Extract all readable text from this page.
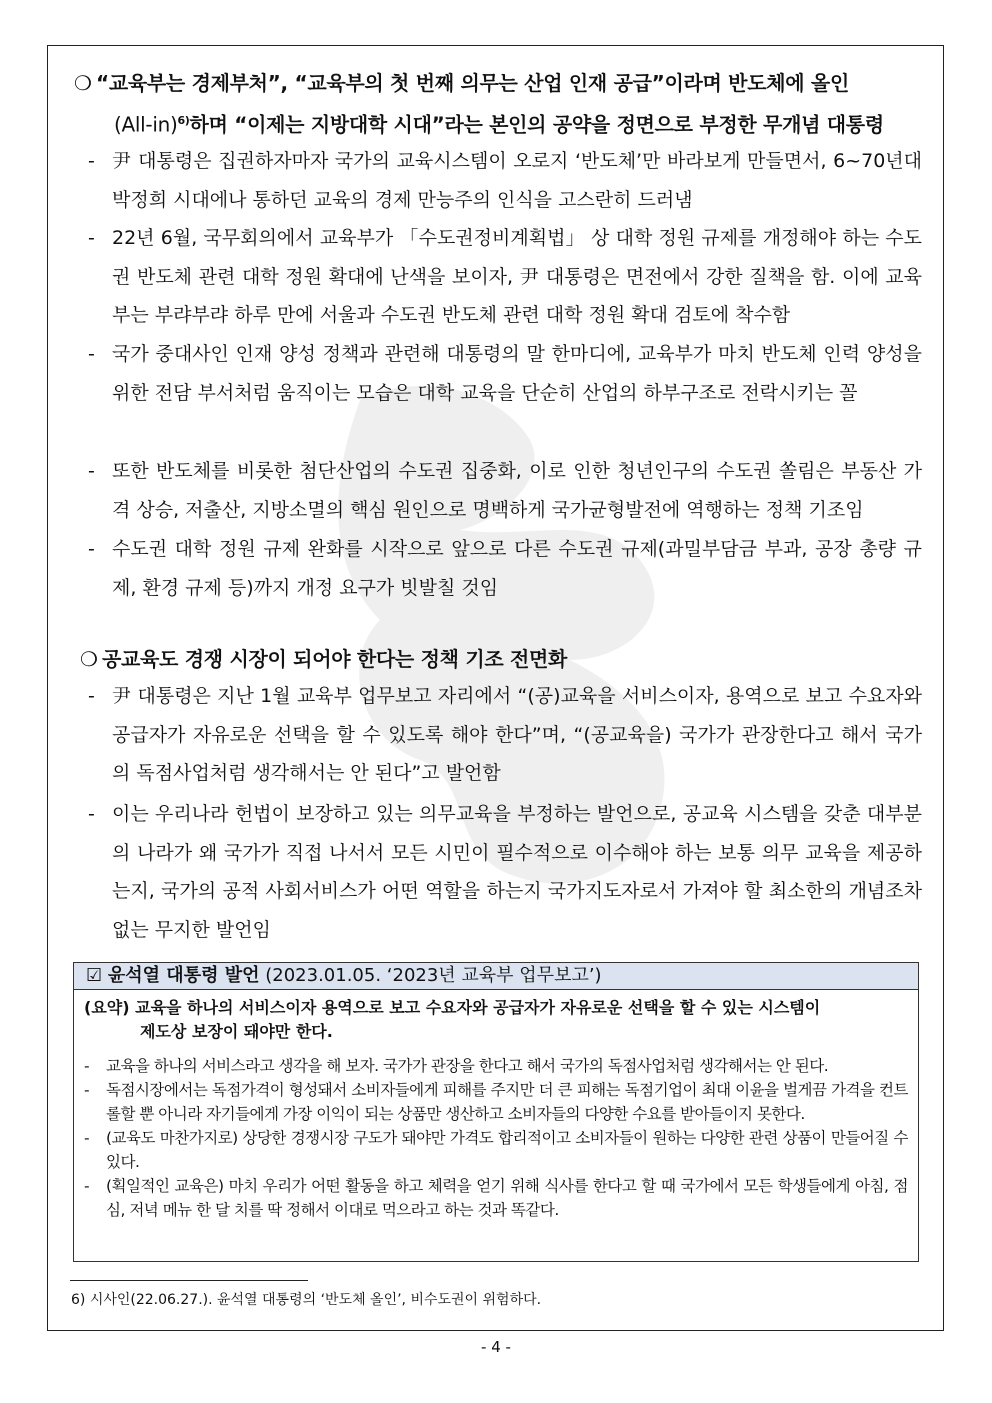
❍ “교육부는 경제부처”, “교육부의 첫 번째 의무는 산업 인재 공급”이라며 반도체에 올인
$(All-in)^{6)}$하며 “이제는 지방대학 시대”라는 본인의 공약을 정면으로 부정한 무개념 대통령
- 尹 대통령은 집권하자마자 국가의 교육시스템이 오로지 ‘반도체’만 바라보게 만들면서, 6~70년대 박정희 시대에나 통하던 교육의 경제 만능주의 인식을 고스란히 드러냄
- 22년 6월, 국무회의에서 교육부가 「수도권정비계획법」 상 대학 정원 규제를 개정해야 하는 수도권 반도체 관련 대학 정원 확대에 난색을 보이자, 尹 대통령은 면전에서 강한 질책을 함. 이에 교육부는 부랴부랴 하루 만에 서울과 수도권 반도체 관련 대학 정원 확대 검토에 착수함
- 국가 중대사인 인재 양성 정책과 관련해 대통령의 말 한마디에, 교육부가 마치 반도체 인력 양성을 위한 전담 부서처럼 움직이는 모습은 대학 교육을 단순히 산업의 하부구조로 전락시키는 꼴
- 또한 반도체를 비롯한 첨단산업의 수도권 집중화, 이로 인한 청년인구의 수도권 쏠림은 부동산 가격 상승, 저출산, 지방소멸의 핵심 원인으로 명백하게 국가균형발전에 역행하는 정책 기조임
- 수도권 대학 정원 규제 완화를 시작으로 앞으로 다른 수도권 규제(과밀부담금 부과, 공장 총량 규제, 환경 규제 등)까지 개정 요구가 빗발칠 것임
❍ 공교육도 경쟁 시장이 되어야 한다는 정책 기조 전면화
- 尹 대통령은 지난 1월 교육부 업무보고 자리에서 “(공)교육을 서비스이자, 용역으로 보고 수요자와 공급자가 자유로운 선택을 할 수 있도록 해야 한다”며, “(공교육을) 국가가 관장한다고 해서 국가의 독점사업처럼 생각해서는 안 된다”고 발언함
- 이는 우리나라 헌법이 보장하고 있는 의무교육을 부정하는 발언으로, 공교육 시스템을 갖춘 대부분의 나라가 왜 국가가 직접 나서서 모든 시민이 필수적으로 이수해야 하는 보통 의무 교육을 제공하는지, 국가의 공적 사회서비스가 어떤 역할을 하는지 국가지도자로서 가져야 할 최소한의 개념조차 없는 무지한 발언임
☑ 윤석열 대통령 발언 (2023.01.05. ‘2023년 교육부 업무보고’)
(요약) 교육을 하나의 서비스이자 용역으로 보고 수요자와 공급자가 자유로운 선택을 할 수 있는 시스템이
제도상 보장이 돼야만 한다.
-	교육을 하나의 서비스라고 생각을 해 보자. 국가가 관장을 한다고 해서 국가의 독점사업처럼 생각해서는 안 된다.
-	독점시장에서는 독점가격이 형성돼서 소비자들에게 피해를 주지만 더 큰 피해는 독점기업이 최대 이윤을 벌게끔 가격을 컨트롤할 뿐 아니라 자기들에게 가장 이익이 되는 상품만 생산하고 소비자들의 다양한 수요를 받아들이지 못한다.
-	(교육도 마찬가지로) 상당한 경쟁시장 구도가 돼야만 가격도 합리적이고 소비자들이 원하는 다양한 관련 상품이 만들어질 수 있다.
-	(획일적인 교육은) 마치 우리가 어떤 활동을 하고 체력을 얻기 위해 식사를 한다고 할 때 국가에서 모든 학생들에게 아침, 점심, 저녁 메뉴 한 달 치를 딱 정해서 이대로 먹으라고 하는 것과 똑같다.
6) 시사인(22.06.27.). 윤석열 대통령의 ‘반도체 올인’, 비수도권이 위험하다.
- 4 -
